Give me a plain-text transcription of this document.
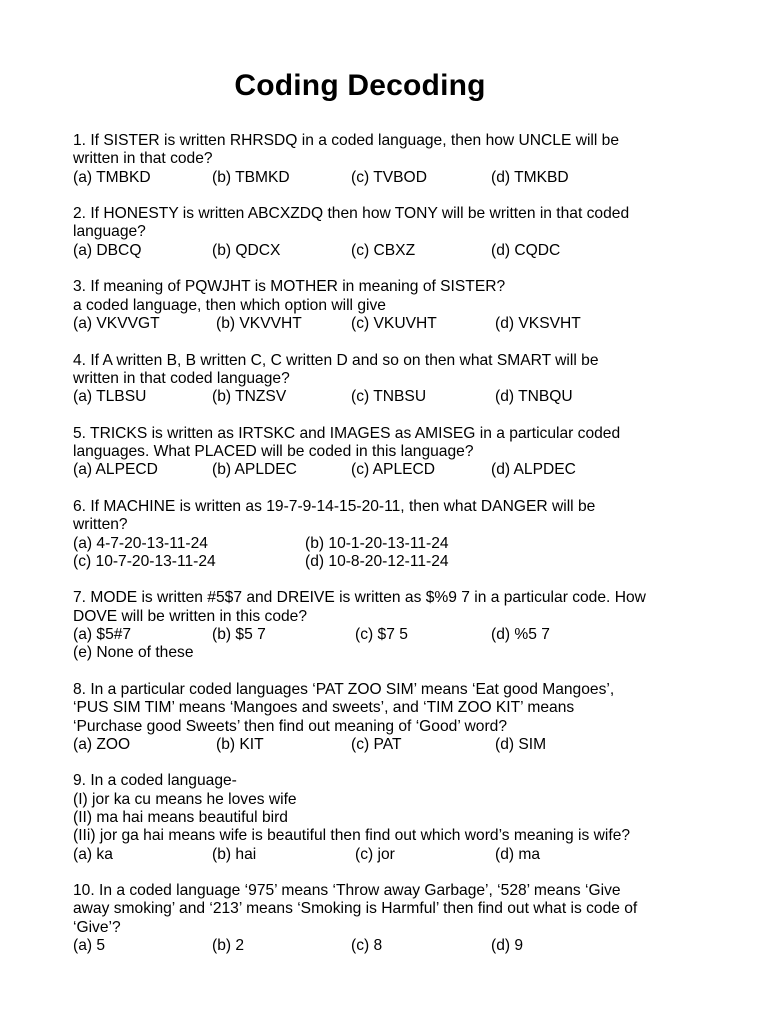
Coding Decoding
1. If SISTER is written RHRSDQ in a coded language, then how UNCLE will be
written in that code?
(a) TMBKD	(b) TBMKD	(c) TVBOD	(d) TMKBD
2. If HONESTY is written ABCXZDQ then how TONY will be written in that coded
language?
(a) DBCQ	(b) QDCX	(c) CBXZ	(d) CQDC
3. If meaning of PQWJHT is MOTHER in meaning of SISTER?
a coded language, then which option will give
(a) VKVVGT	(b) VKVVHT	(c) VKUVHT	(d) VKSVHT
4. If A written B, B written C, C written D and so on then what SMART will be
written in that coded language?
(a) TLBSU	(b) TNZSV	(c) TNBSU	(d) TNBQU
5. TRICKS is written as IRTSKC and IMAGES as AMISEG in a particular coded
languages. What PLACED will be coded in this language?
(a) ALPECD	(b) APLDEC	(c) APLECD	(d) ALPDEC
6. If MACHINE is written as 19-7-9-14-15-20-11, then what DANGER will be
written?
(a) 4-7-20-13-11-24	(b) 10-1-20-13-11-24
(c) 10-7-20-13-11-24	(d) 10-8-20-12-11-24
7. MODE is written #5$7 and DREIVE is written as $%9 7 in a particular code. How
DOVE will be written in this code?
(a) $5#7	(b) $5 7	(c) $7 5	(d) %5 7
(e) None of these
8. In a particular coded languages ‘PAT ZOO SIM’ means ‘Eat good Mangoes’,
‘PUS SIM TIM’ means ‘Mangoes and sweets’, and ‘TIM ZOO KIT’ means
‘Purchase good Sweets’ then find out meaning of ‘Good’ word?
(a) ZOO	(b) KIT	(c) PAT	(d) SIM
9. In a coded language-
(I) jor ka cu means he loves wife
(II) ma hai means beautiful bird
(IIi) jor ga hai means wife is beautiful then find out which word’s meaning is wife?
(a) ka	(b) hai	(c) jor	(d) ma
10. In a coded language ‘975’ means ‘Throw away Garbage’, ‘528’ means ‘Give
away smoking’ and ‘213’ means ‘Smoking is Harmful’ then find out what is code of
‘Give’?
(a) 5	(b) 2	(c) 8	(d) 9
